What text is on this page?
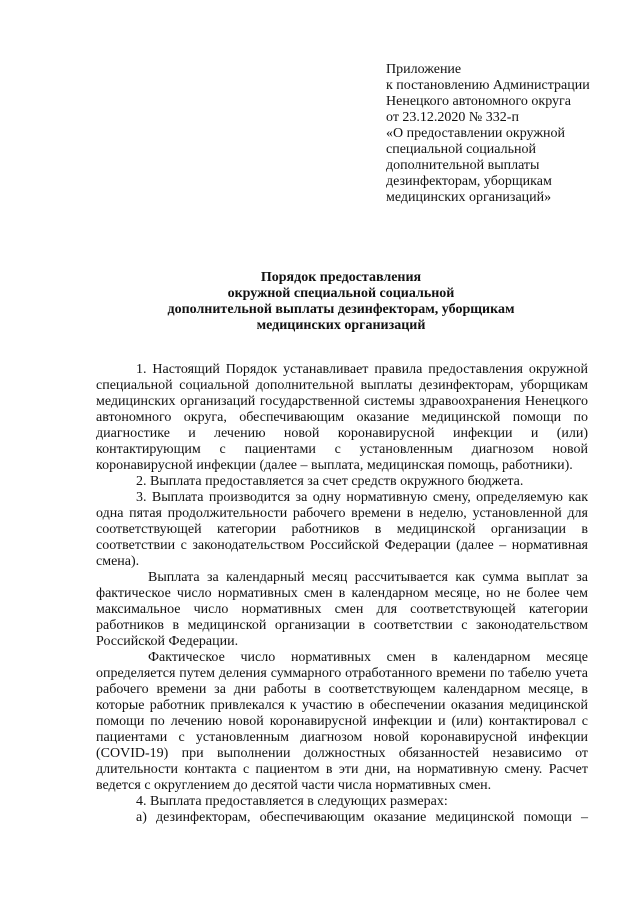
Приложение
к постановлению Администрации
Ненецкого автономного округа
от 23.12.2020 № 332-п
«О предоставлении окружной
специальной социальной
дополнительной выплаты
дезинфекторам, уборщикам
медицинских организаций»
Порядок предоставления
окружной специальной социальной
дополнительной выплаты дезинфекторам, уборщикам
медицинских организаций

1. Настоящий Порядок устанавливает правила предоставления окружной специальной социальной дополнительной выплаты дезинфекторам, уборщикам медицинских организаций государственной системы здравоохранения Ненецкого автономного округа, обеспечивающим оказание медицинской помощи по диагностике и лечению новой коронавирусной инфекции и (или) контактирующим с пациентами с установленным диагнозом новой коронавирусной инфекции (далее – выплата, медицинская помощь, работники).

2. Выплата предоставляется за счет средств окружного бюджета.

3. Выплата производится за одну нормативную смену, определяемую как одна пятая продолжительности рабочего времени в неделю, установленной для соответствующей категории работников в медицинской организации в соответствии с законодательством Российской Федерации (далее – нормативная смена).

Выплата за календарный месяц рассчитывается как сумма выплат за фактическое число нормативных смен в календарном месяце, но не более чем максимальное число нормативных смен для соответствующей категории работников в медицинской организации в соответствии с законодательством Российской Федерации.

Фактическое число нормативных смен в календарном месяце определяется путем деления суммарного отработанного времени по табелю учета рабочего времени за дни работы в соответствующем календарном месяце, в которые работник привлекался к участию в обеспечении оказания медицинской помощи по лечению новой коронавирусной инфекции и (или) контактировал с пациентами с установленным диагнозом новой коронавирусной инфекции (COVID-19) при выполнении должностных обязанностей независимо от длительности контакта с пациентом в эти дни, на нормативную смену. Расчет ведется с округлением до десятой части числа нормативных смен.

4. Выплата предоставляется в следующих размерах:

а) дезинфекторам, обеспечивающим оказание медицинской помощи –
